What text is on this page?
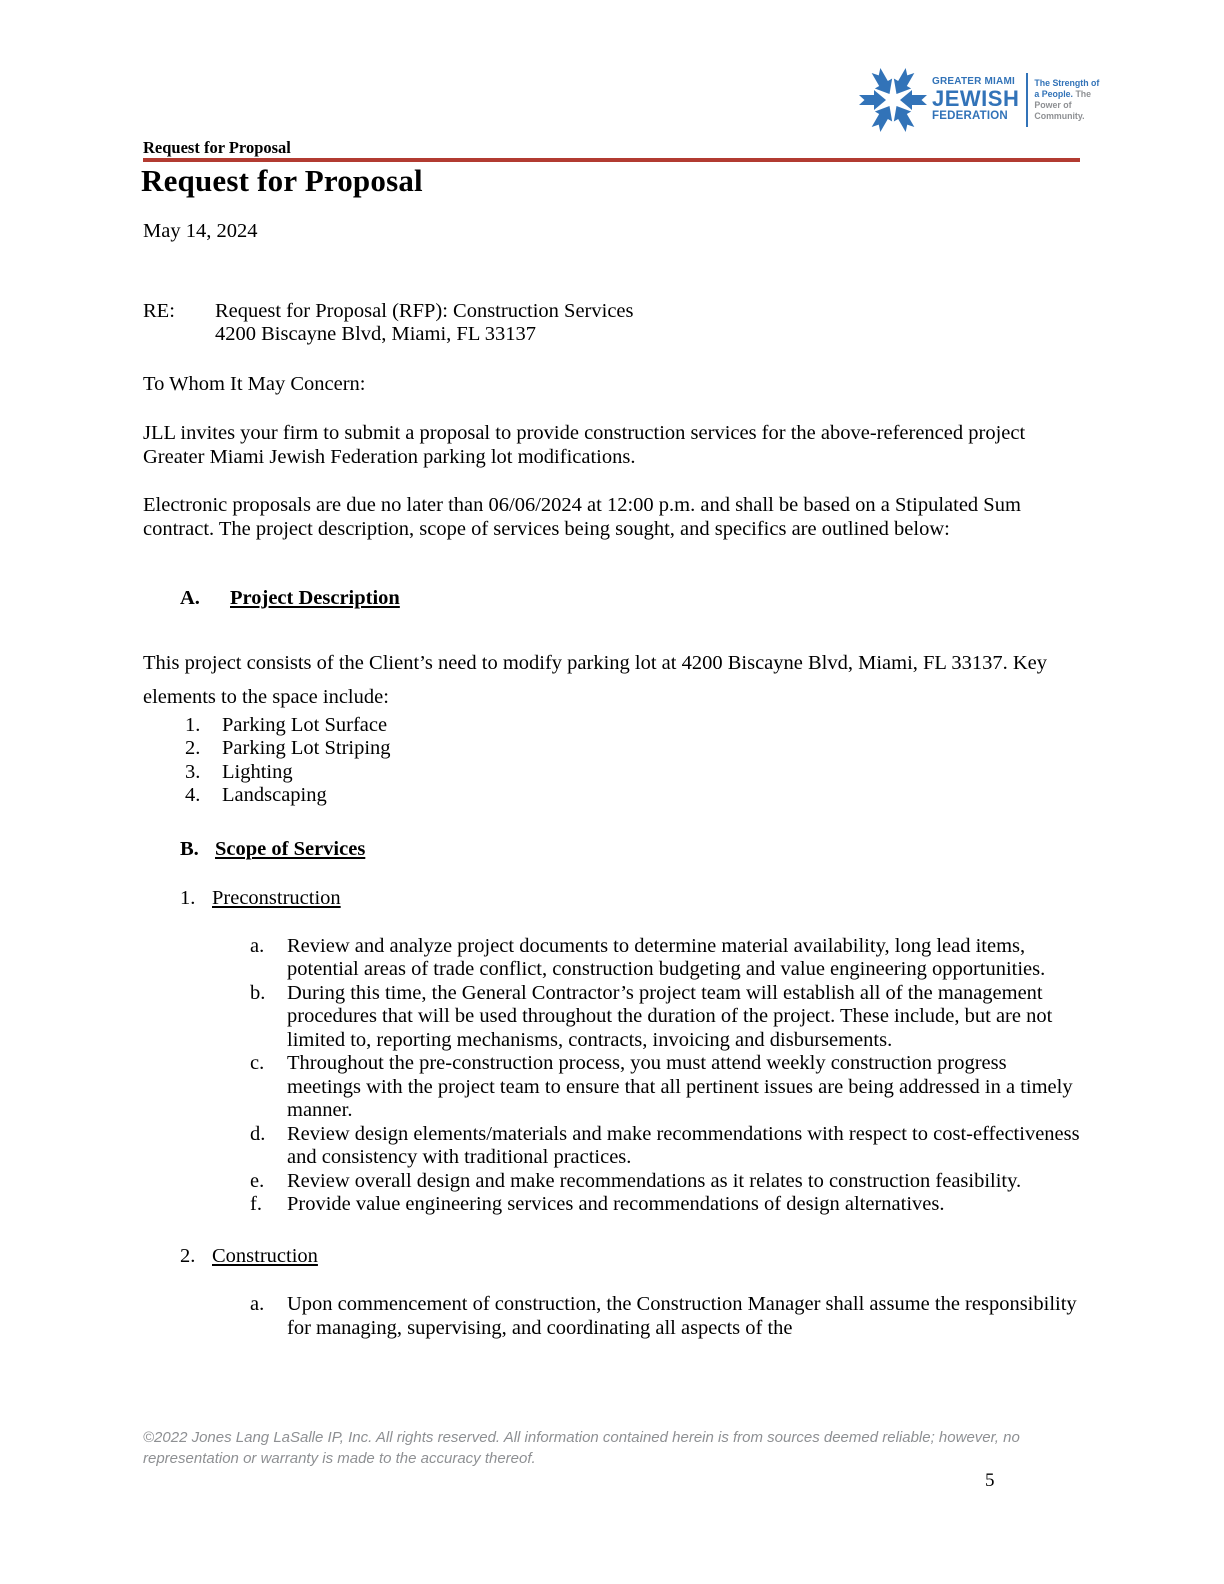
GREATER MIAMI
JEWISH
FEDERATION
The Strength of a People. The Power of Community.
Request for Proposal
Request for Proposal
May 14, 2024
RE:	Request for Proposal (RFP): Construction Services
4200 Biscayne Blvd, Miami, FL 33137
To Whom It May Concern:

JLL invites your firm to submit a proposal to provide construction services for the above-referenced project Greater Miami Jewish Federation parking lot modifications.

Electronic proposals are due no later than 06/06/2024 at 12:00 p.m. and shall be based on a Stipulated Sum contract. The project description, scope of services being sought, and specifics are outlined below:

A.	Project Description

This project consists of the Client’s need to modify parking lot at 4200 Biscayne Blvd, Miami, FL 33137. Key elements to the space include:

1.	Parking Lot Surface
2.	Parking Lot Striping
3.	Lighting
4.	Landscaping
B. Scope of Services
1. Preconstruction
a.	Review and analyze project documents to determine material availability, long lead items, potential areas of trade conflict, construction budgeting and value engineering opportunities.
b.	During this time, the General Contractor’s project team will establish all of the management procedures that will be used throughout the duration of the project. These include, but are not limited to, reporting mechanisms, contracts, invoicing and disbursements.
c.	Throughout the pre-construction process, you must attend weekly construction progress meetings with the project team to ensure that all pertinent issues are being addressed in a timely manner.
d.	Review design elements/materials and make recommendations with respect to cost-effectiveness and consistency with traditional practices.
e.	Review overall design and make recommendations as it relates to construction feasibility.
f.	Provide value engineering services and recommendations of design alternatives.
2. Construction
a.	Upon commencement of construction, the Construction Manager shall assume the responsibility for managing, supervising, and coordinating all aspects of the
©2022 Jones Lang LaSalle IP, Inc. All rights reserved. All information contained herein is from sources deemed reliable; however, no representation or warranty is made to the accuracy thereof.
5
